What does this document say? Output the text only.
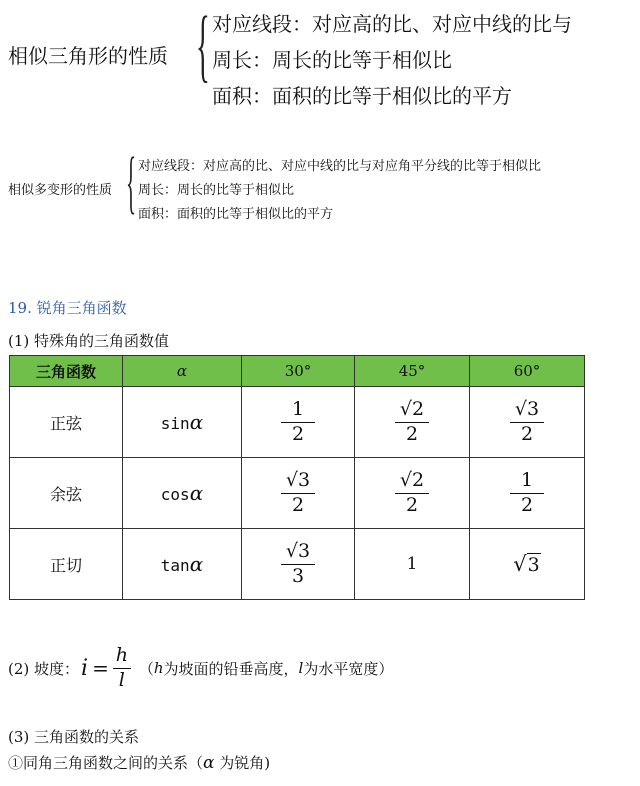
相似三角形的性质 { 对应线段：对应高的比、对应中线的比与
周长：周长的比等于相似比
面积：面积的比等于相似比的平方
相似多变形的性质 { 对应线段：对应高的比、对应中线的比与对应角平分线的比等于相似比
周长：周长的比等于相似比
面积：面积的比等于相似比的平方
19. 锐角三角函数
(1) 特殊角的三角函数值
三角函数	α	30°	45°	60°
正弦	sinα	$\frac{1}{2}$	$\frac{√2}{2}$	$\frac{√3}{2}$

余弦	cosα	$\frac{√3}{2}$	$\frac{√2}{2}$	$\frac{1}{2}$

正切	tanα	$\frac{√3}{3}$	1	√3
(2) 坡度： $i = \frac{h}{l}$ （ h 为坡面的铅垂高度， l 为水平宽度）
(3) 三角函数的关系
①同角三角函数之间的关系（α 为锐角)
